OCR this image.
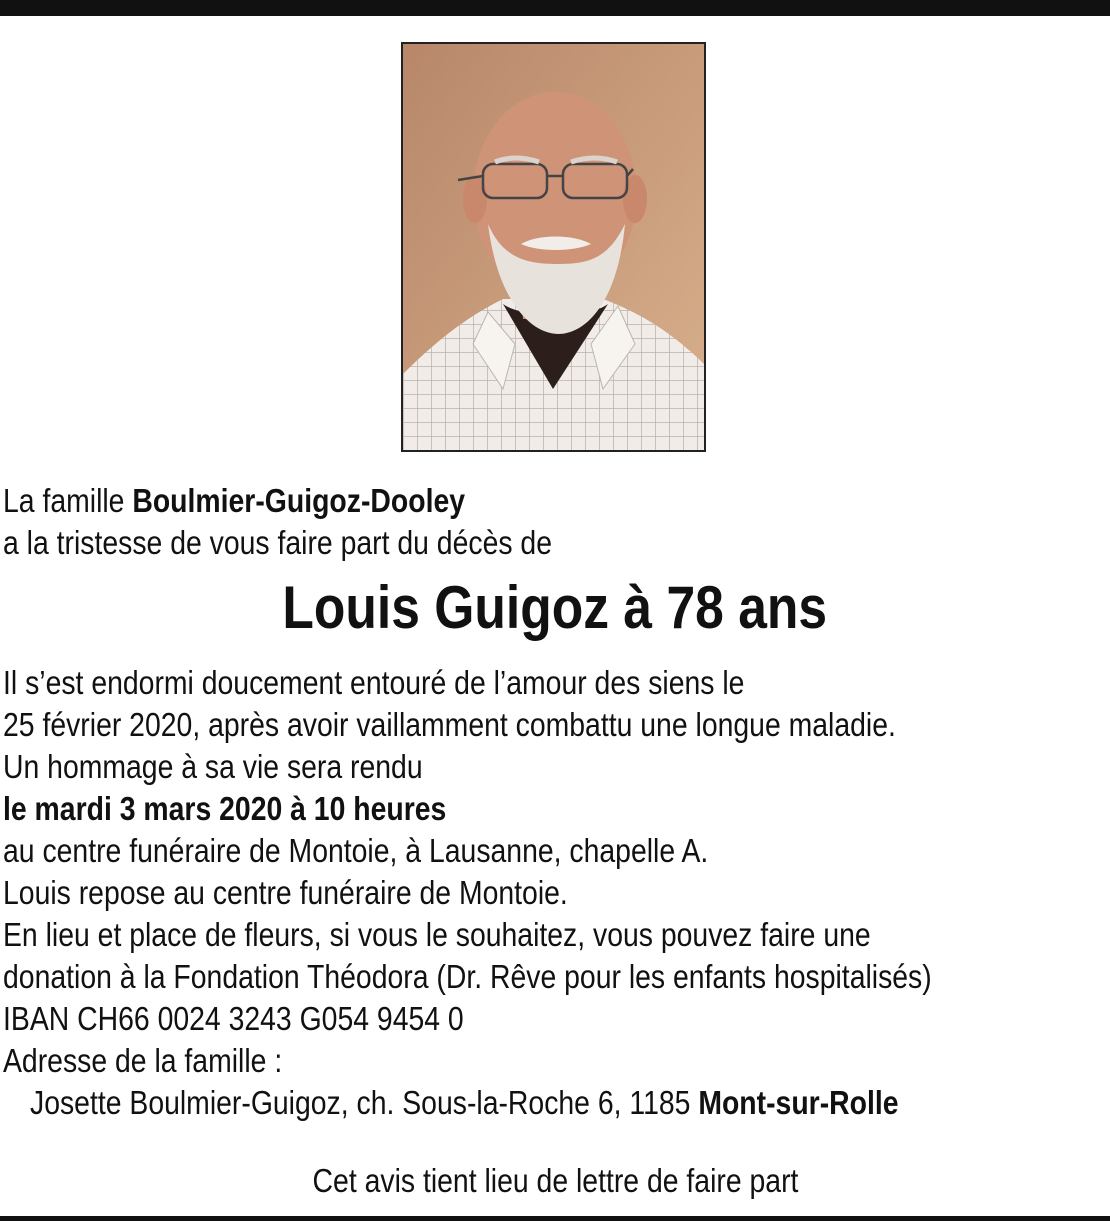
La famille Boulmier-Guigoz-Dooley
a la tristesse de vous faire part du décès de
Louis Guigoz à 78 ans
Il s’est endormi doucement entouré de l’amour des siens le
25 février 2020, après avoir vaillamment combattu une longue maladie.
Un hommage à sa vie sera rendu
le mardi 3 mars 2020 à 10 heures
au centre funéraire de Montoie, à Lausanne, chapelle A.
Louis repose au centre funéraire de Montoie.
En lieu et place de fleurs, si vous le souhaitez, vous pouvez faire une
donation à la Fondation Théodora (Dr. Rêve pour les enfants hospitalisés)
IBAN CH66 0024 3243 G054 9454 0
Adresse de la famille :
Josette Boulmier-Guigoz, ch. Sous-la-Roche 6, 1185 Mont-sur-Rolle
Cet avis tient lieu de lettre de faire part
